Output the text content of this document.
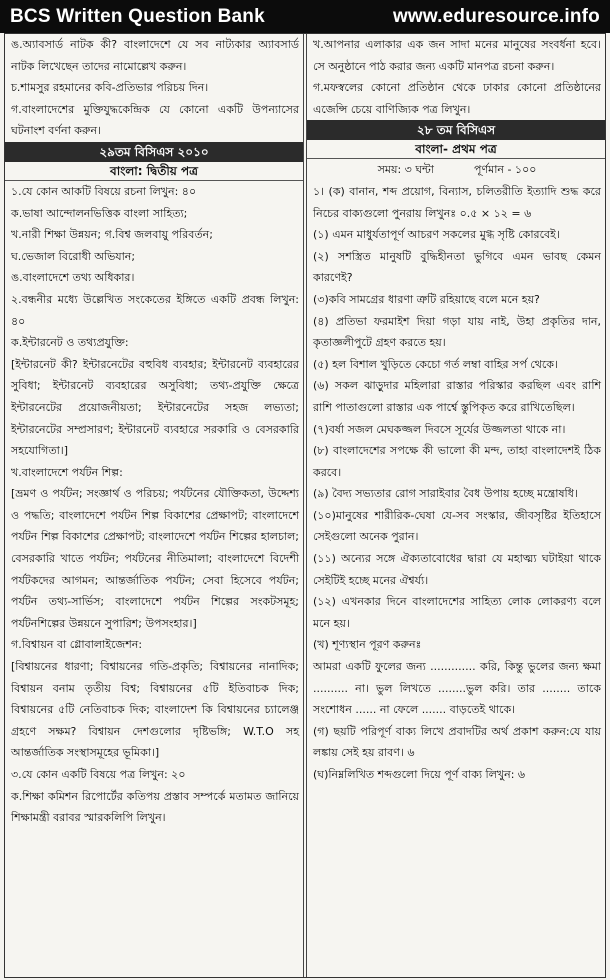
BCS Written Question Bank	www.eduresource.info

ঙ.অ্যাবসার্ড নাটক কী? বাংলাদেশে যে সব নাট্যকার অ্যাবসার্ড নাটক লিখেছেন তাদের নামোল্লেখ করুন।

চ.শামসুর রহমানের কবি-প্রতিভার পরিচয় দিন।

গ.বাংলাদেশের মুক্তিযুদ্ধকেন্দ্রিক যে কোনো একটি উপন্যাসের ঘটনাংশ বর্ণনা করুন।

২৯তম বিসিএস ২০১০
বাংলা: দ্বিতীয় পত্র

১.যে কোন আকটি বিষয়ে রচনা লিখুন: ৪০

ক.ভাষা আন্দোলনভিত্তিক বাংলা সাহিত্য;

খ.নারী শিক্ষা উন্নয়ন; গ.বিশ্ব জলবায়ু পরিবর্তন;

ঘ.ভেজাল বিরোধী অভিযান;

ঙ.বাংলাদেশে তথ্য অধিকার।

২.বন্ধনীর মধ্যে উল্লেখিত সংকেতের ইঙ্গিতে একটি প্রবন্ধ লিখুন: ৪০

ক.ইন্টারনেট ও তথ্যপ্রযুক্তি:

[ইন্টারনেট কী? ইন্টারনেটের বহুবিধ ব্যবহার; ইন্টারনেট ব্যবহারের সুবিধা; ইন্টারনেট ব্যবহারের অসুবিধা; তথ্য-প্রযুক্তি ক্ষেত্রে ইন্টারনেটের প্রয়োজনীয়তা; ইন্টারনেটের সহজ লভ্যতা; ইন্টারনেটের সম্প্রসারণ; ইন্টারনেট ব্যবহারে সরকারি ও বেসরকারি সহযোগিতা।]

খ.বাংলাদেশে পর্যটন শিল্প:

[ভ্রমণ ও পর্যটন; সংজ্ঞার্থ ও পরিচয়; পর্যটনের যৌক্তিকতা, উদ্দেশ্য ও পদ্ধতি; বাংলাদেশে পর্যটন শিল্প বিকাশের প্রেক্ষাপট; বাংলাদেশে পর্যটন শিল্প বিকাশের প্রেক্ষাপট; বাংলাদেশে পর্যটন শিল্পের হালচাল; বেসরকারি খাতে পর্যটন; পর্যটনের নীতিমালা; বাংলাদেশে বিদেশী পর্যটকদের আগমন; আন্তর্জাতিক পর্যটন; সেবা হিসেবে পর্যটন; পর্যটন তথ্য-সার্ভিস; বাংলাদেশে পর্যটন শিল্পের সংকটসমূহ; পর্যটনশিল্পের উন্নয়নে সুপারিশ; উপসংহার।]

গ.বিশ্বায়ন বা গ্লোবালাইজেশন:

[বিশ্বায়নের ধারণা; বিশ্বায়নের গতি-প্রকৃতি; বিশ্বায়নের নানাদিক; বিশ্বায়ন বনাম তৃতীয় বিশ্ব; বিশ্বায়নের ৫টি ইতিবাচক দিক; বিশ্বায়নের ৫টি নেতিবাচক দিক; বাংলাদেশ কি বিশ্বায়নের চ্যালেঞ্জ গ্রহণে সক্ষম? বিশ্বায়ন দেশগুলোর দৃষ্টিভঙ্গি; W.T.O সহ আন্তর্জাতিক সংস্থাসমূহের ভূমিকা।]

৩.যে কোন একটি বিষয়ে পত্র লিখুন: ২০

ক.শিক্ষা কমিশন রিপোর্টের কতিপয় প্রস্তাব সম্পর্কে মতামত জানিয়ে শিক্ষামন্ত্রী বরাবর স্মারকলিপি লিখুন।

খ.আপনার এলাকার এক জন সাদা মনের মানুষের সংবর্ধনা হবে। সে অনুষ্ঠানে পাঠ করার জন্য একটি মানপত্র রচনা করুন।

গ.মফস্বলের কোনো প্রতিষ্ঠান থেকে ঢাকার কোনো প্রতিষ্ঠানের এজেন্সি চেয়ে বাণিজ্যিক পত্র লিখুন।

২৮ তম বিসিএস
বাংলা- প্রথম পত্র
সময়: ৩ ঘন্টা	পূর্ণমান - ১০০

১। (ক) বানান, শব্দ প্রয়োগ, বিন্যাস, চলিতরীতি ইত্যাদি শুদ্ধ করে নিচের বাক্যগুলো পুনরায় লিখুনঃ ০.৫ × ১২ = ৬

(১) এমন মাধুর্যতাপূর্ণ আচরণ সকলের মুগ্ধ সৃষ্টি কোরবেই।

(২) সশস্ত্রিত মানুষটি বুদ্ধিহীনতা ভুগিবে এমন ভাবছ কেমন কারণেই?

(৩)কবি সামগ্রের ধারণা ত্রুটি রহিয়াছে বলে মনে হয়?

(৪) প্রতিভা ফরমাইশ দিয়া গড়া যায় নাই, উহা প্রকৃতির দান, কৃতাজ্ঞলীপুটে গ্রহণ করতে হয়।

(৫) হল বিশাল খুড়িতে কেচো গর্ত লম্বা বাহির সর্প থেকে।

(৬) সকল ঝাড়ুদার মহিলারা রাস্তার পরিস্কার করছিল এবং রাশি রাশি পাতাগুলো রাস্তার এক পার্শ্বে স্তুপিকৃত করে রাখিতেছিল।

(৭)বর্ষা সজল মেঘকজ্জল দিবসে সূর্যের উজ্জলতা থাকে না।

(৮) বাংলাদেশের সপক্ষে কী ভালো কী মন্দ, তাহা বাংলাদেশই ঠিক করবে।

(৯) বৈদ্য সভ্যতার রোগ সারাইবার বৈধ উপায় হচ্ছে মন্ত্রোষধি।

(১০)মানুষের শারীরিক-ঘেষা যে-সব সংস্কার, জীবসৃষ্টির ইতিহাসে সেইগুলো অনেক পুরান।

(১১) অন্যের সঙ্গে ঐক্যতাবোধের দ্বারা যে মহাত্ম্য ঘটাইয়া থাকে সেইটিই হচ্ছে মনের ঐশ্বর্য্য।

(১২) এখনকার দিনে বাংলাদেশের সাহিত্য লোক লোকরণ্য বলে মনে হয়।

(খ) শূণ্যস্থান পূরণ করুনঃ

আমরা একটি ফুলের জন্য ............. করি, কিন্তু ভুলের জন্য ক্ষমা .......... না। ভুল লিখতে ........ভুল করি। তার ........ তাকে সংশোধন ...... না ফেলে ....... বাড়তেই থাকে।

(গ) ছয়টি পরিপূর্ণ বাক্য লিখে প্রবাদটির অর্থ প্রকাশ করুন:যে যায় লঙ্কায় সেই হয় রাবণ। ৬

(ঘ)নিম্নলিখিত শব্দগুলো দিয়ে পূর্ণ বাক্য লিখুন: ৬
